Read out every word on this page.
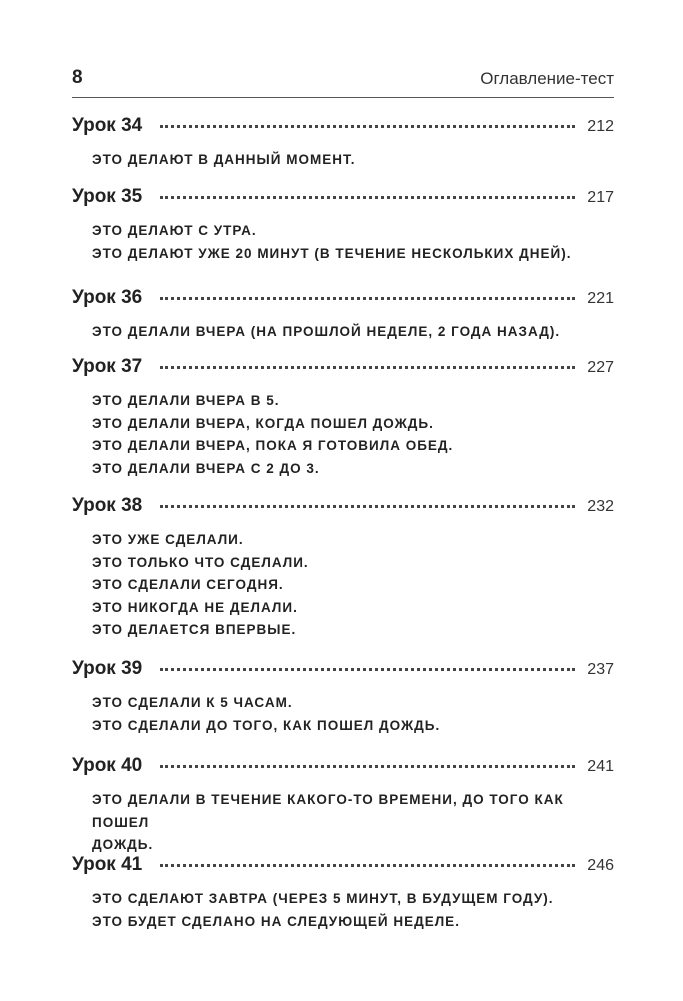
8	Оглавление-тест
Урок 34	212
ЭТО ДЕЛАЮТ В ДАННЫЙ МОМЕНТ.
Урок 35	217
ЭТО ДЕЛАЮТ С УТРА.
ЭТО ДЕЛАЮТ УЖЕ 20 МИНУТ (В ТЕЧЕНИЕ НЕСКОЛЬКИХ ДНЕЙ).
Урок 36	221
ЭТО ДЕЛАЛИ ВЧЕРА (НА ПРОШЛОЙ НЕДЕЛЕ, 2 ГОДА НАЗАД).
Урок 37	227
ЭТО ДЕЛАЛИ ВЧЕРА В 5.
ЭТО ДЕЛАЛИ ВЧЕРА, КОГДА ПОШЕЛ ДОЖДЬ.
ЭТО ДЕЛАЛИ ВЧЕРА, ПОКА Я ГОТОВИЛА ОБЕД.
ЭТО ДЕЛАЛИ ВЧЕРА С 2 ДО 3.
Урок 38	232
ЭТО УЖЕ СДЕЛАЛИ.
ЭТО ТОЛЬКО ЧТО СДЕЛАЛИ.
ЭТО СДЕЛАЛИ СЕГОДНЯ.
ЭТО НИКОГДА НЕ ДЕЛАЛИ.
ЭТО ДЕЛАЕТСЯ ВПЕРВЫЕ.
Урок 39	237
ЭТО СДЕЛАЛИ К 5 ЧАСАМ.
ЭТО СДЕЛАЛИ ДО ТОГО, КАК ПОШЕЛ ДОЖДЬ.
Урок 40	241
ЭТО ДЕЛАЛИ В ТЕЧЕНИЕ КАКОГО-ТО ВРЕМЕНИ, ДО ТОГО КАК ПОШЕЛ
ДОЖДЬ.
Урок 41	246
ЭТО СДЕЛАЮТ ЗАВТРА (ЧЕРЕЗ 5 МИНУТ, В БУДУЩЕМ ГОДУ).
ЭТО БУДЕТ СДЕЛАНО НА СЛЕДУЮЩЕЙ НЕДЕЛЕ.
